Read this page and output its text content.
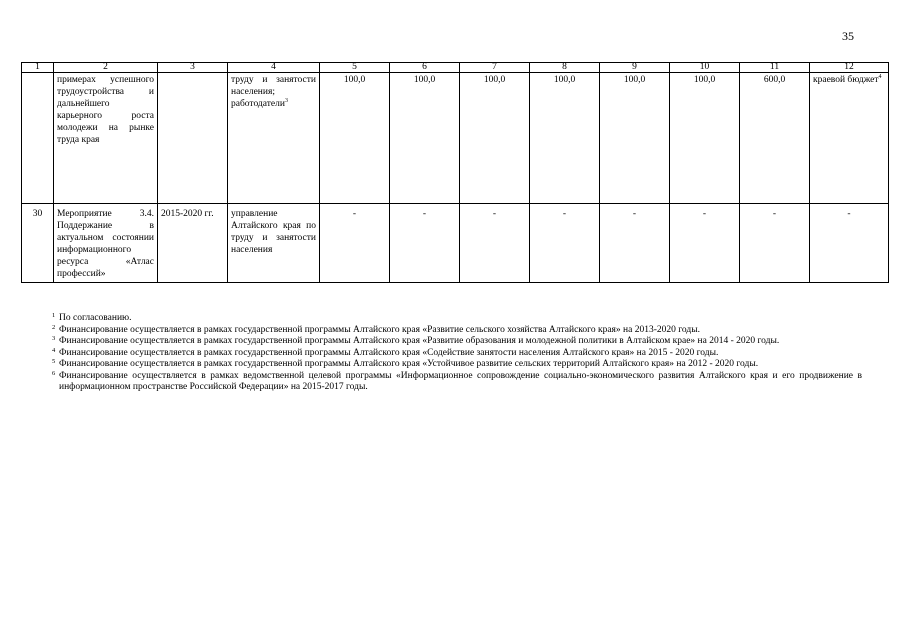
35
1	2	3	4	5	6	7	8	9	10	11	12
	примерах успешного трудоустройства и дальнейшего карьерного роста молодежи на рынке труда края		труду и занятости населения; работодатели$^3$	100,0	100,0	100,0	100,0	100,0	100,0	600,0	краевой бюджет$^4$
30	Мероприятие 3.4. Поддержание в актуальном состоянии информационного ресурса «Атлас профессий»	2015-2020 гг.	управление Алтайского края по труду и занятости населения	-	-	-	-	-	-	-	-
1 По согласованию.
2 Финансирование осуществляется в рамках государственной программы Алтайского края «Развитие сельского хозяйства Алтайского края» на 2013-2020 годы.
3 Финансирование осуществляется в рамках государственной программы Алтайского края «Развитие образования и молодежной политики в Алтайском крае» на 2014 - 2020 годы.
4 Финансирование осуществляется в рамках государственной программы Алтайского края «Содействие занятости населения Алтайского края» на 2015 - 2020 годы.
5 Финансирование осуществляется в рамках государственной программы Алтайского края «Устойчивое развитие сельских территорий Алтайского края» на 2012 - 2020 годы.
6 Финансирование осуществляется в рамках ведомственной целевой программы «Информационное сопровождение социально-экономического развития Алтайского края и его продвижение в информационном пространстве Российской Федерации» на 2015-2017 годы.
